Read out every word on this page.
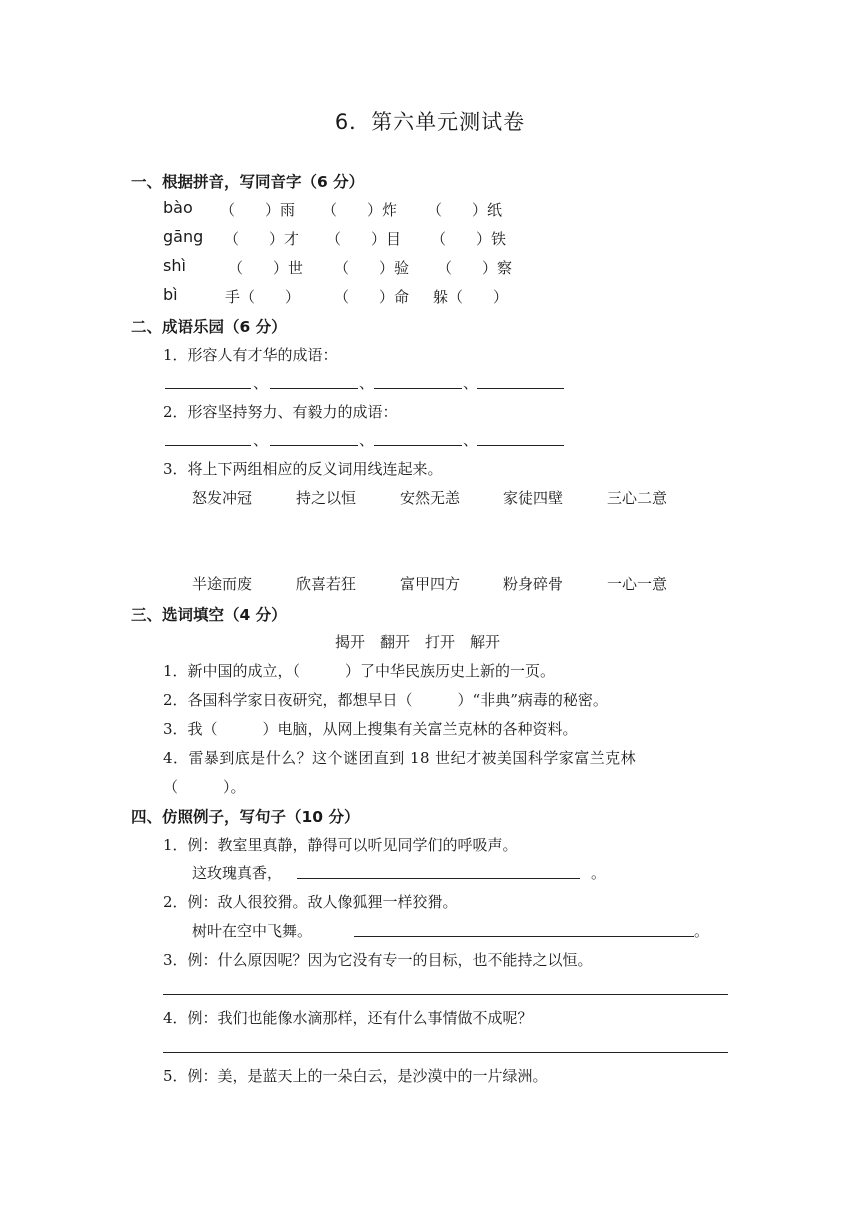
6．第六单元测试卷
一、根据拼音，写同音字（6 分）
bào （　　）雨 （　　）炸 （　　）纸
gāng （　　）才 （　　）目 （　　）铁
shì	（　　）世 （　　）验 （　　）察
bì	手（　　） （　　）命 躲（　　）
二、成语乐园（6 分）
1．形容人有才华的成语：
、	、	、
2．形容坚持努力、有毅力的成语：
、	、	、
3．将上下两组相应的反义词用线连起来。
怒发冲冠	持之以恒	安然无恙	家徒四壁	三心二意
半途而废	欣喜若狂	富甲四方	粉身碎骨	一心一意
三、选词填空（4 分）
揭开　翻开　打开　解开
1．新中国的成立，（　　　）了中华民族历史上新的一页。
2．各国科学家日夜研究，都想早日（　　　）“非典”病毒的秘密。
3．我（　　　）电脑，从网上搜集有关富兰克林的各种资料。
4．雷暴到底是什么？这个谜团直到 18 世纪才被美国科学家富兰克林
（　　　）。
四、仿照例子，写句子（10 分）
1．例：教室里真静，静得可以听见同学们的呼吸声。
这玫瑰真香，	。
2．例：敌人很狡猾。敌人像狐狸一样狡猾。
树叶在空中飞舞。	。
3．例：什么原因呢？因为它没有专一的目标，也不能持之以恒。
4．例：我们也能像水滴那样，还有什么事情做不成呢？
5．例：美，是蓝天上的一朵白云，是沙漠中的一片绿洲。
